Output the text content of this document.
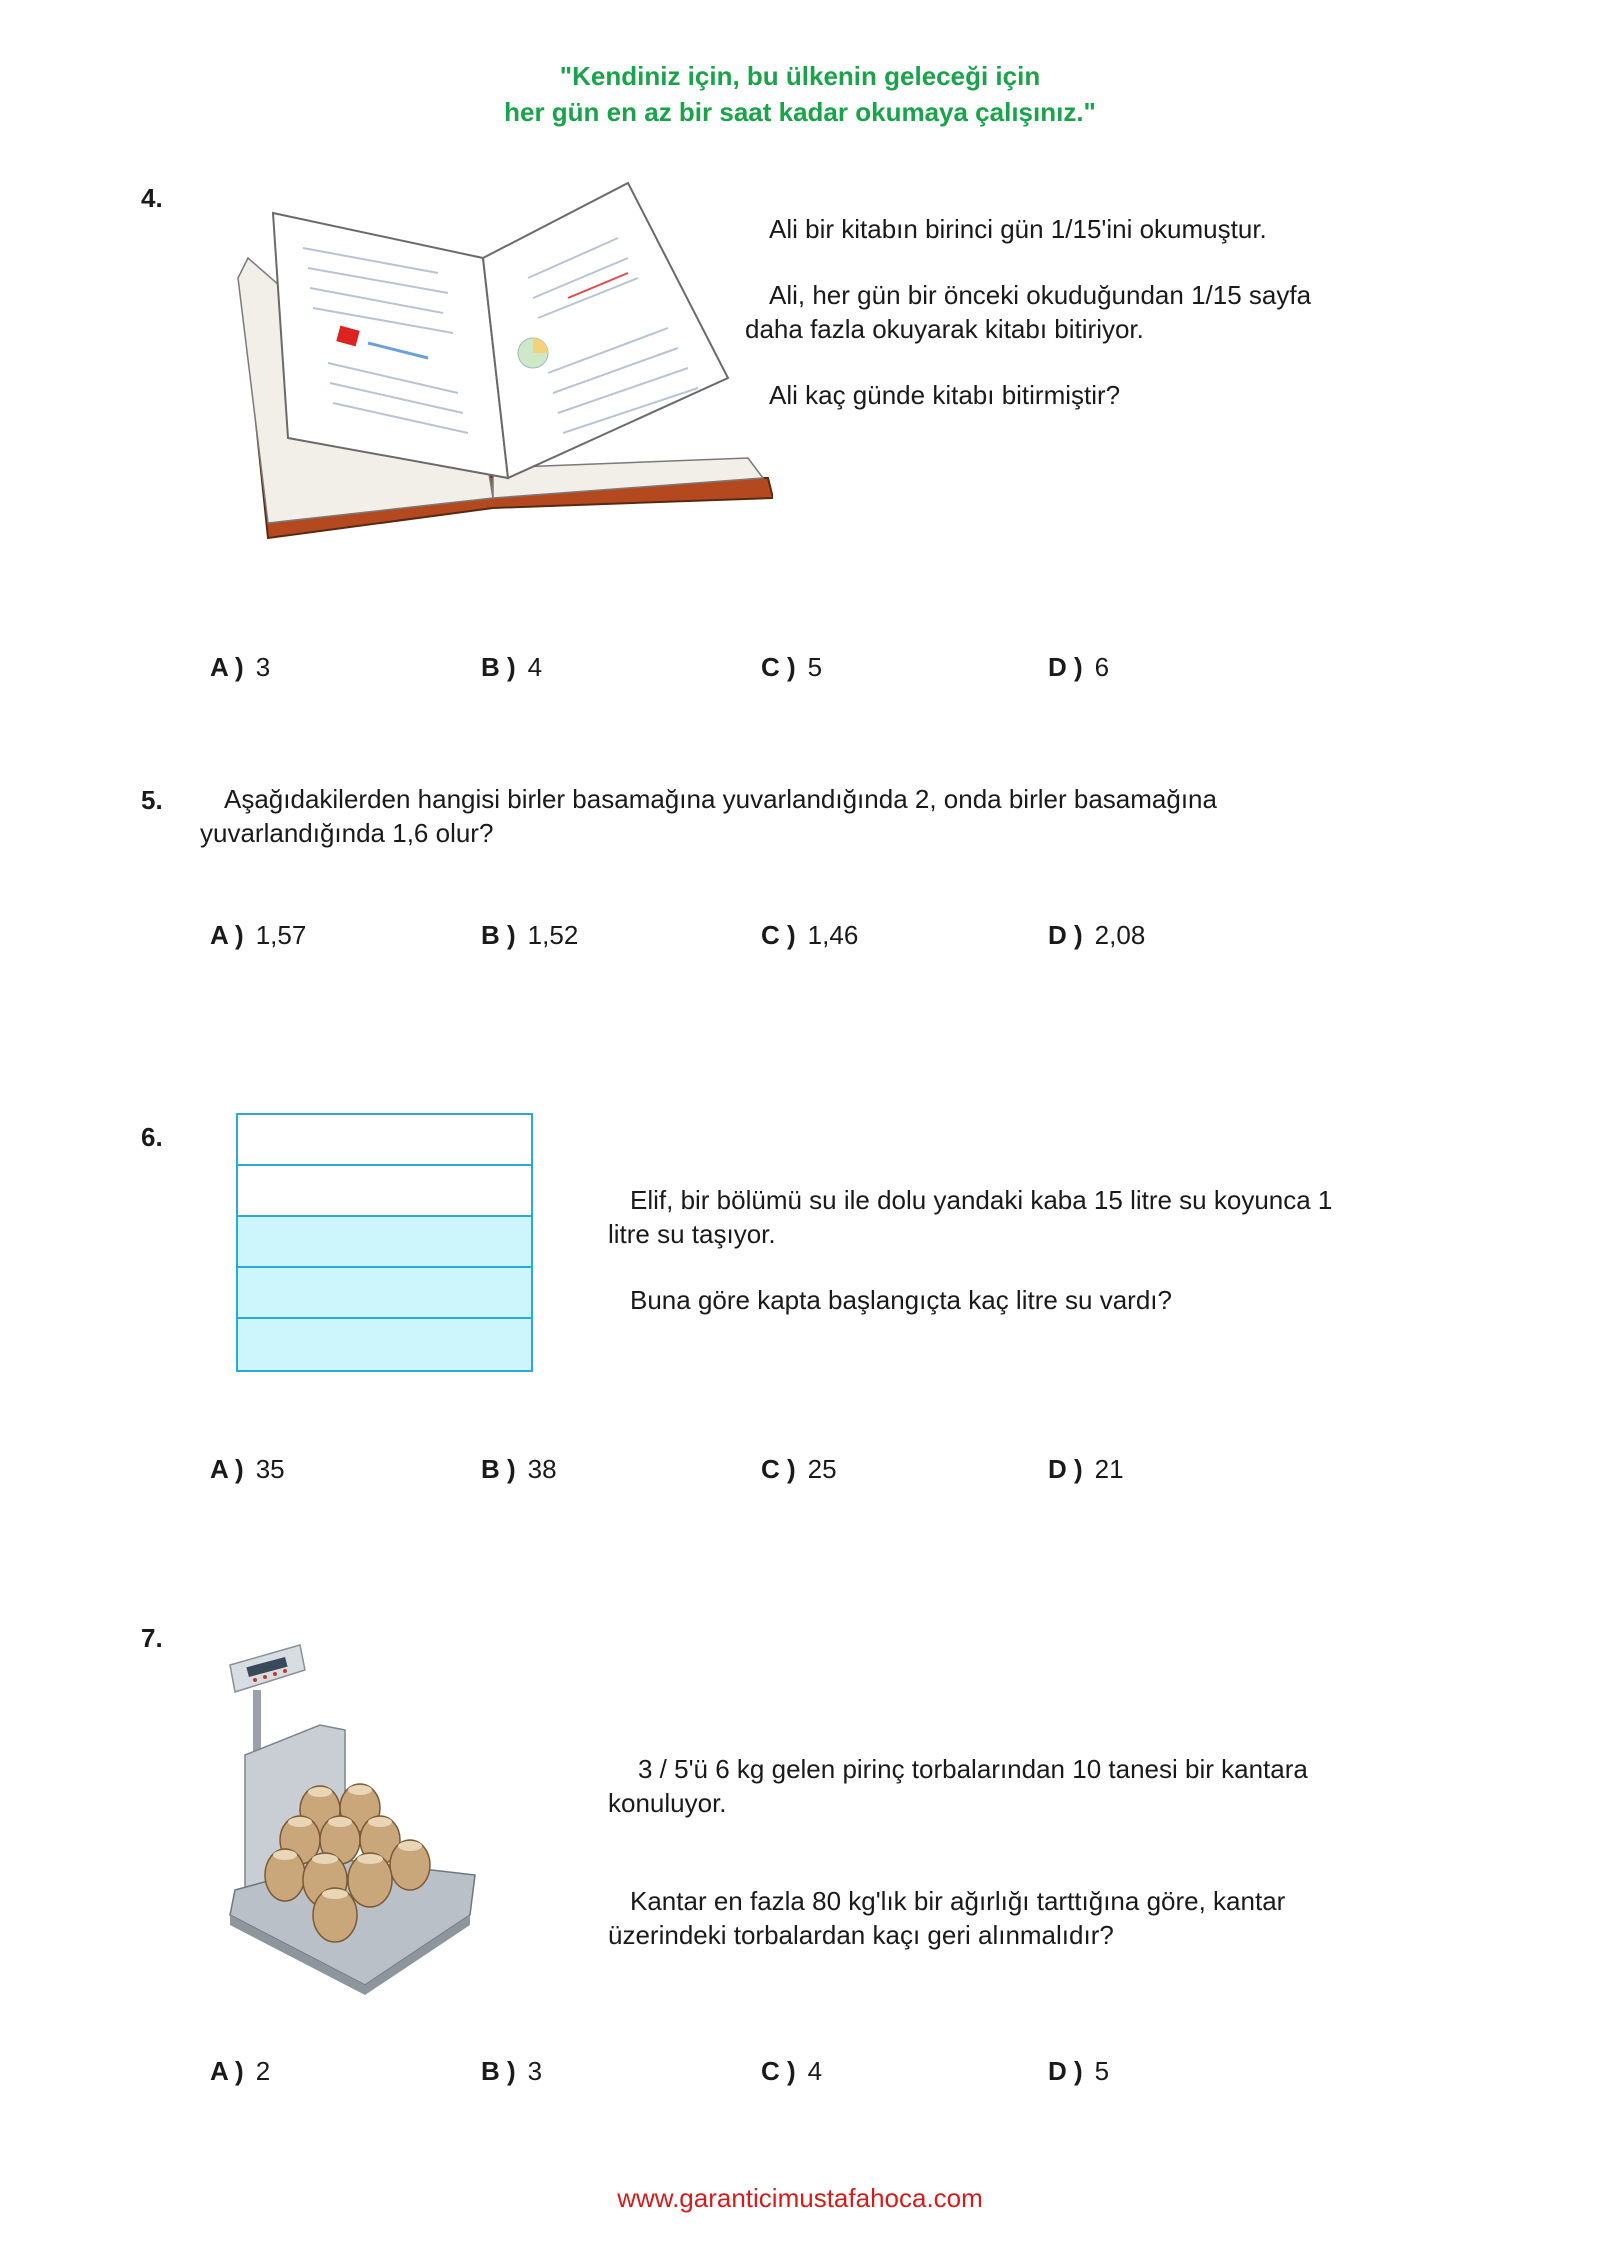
"Kendiniz için, bu ülkenin geleceği için
her gün en az bir saat kadar okumaya çalışınız."
4.

Ali bir kitabın birinci gün 1/15'ini okumuştur.

Ali, her gün bir önceki okuduğundan 1/15 sayfa daha fazla okuyarak kitabı bitiriyor.

Ali kaç günde kitabı bitirmiştir?

A ) 3	B ) 4	C ) 5	D ) 6
5.	Aşağıdakilerden hangisi birler basamağına yuvarlandığında 2, onda birler basamağına yuvarlandığında 1,6 olur?

A ) 1,57	B ) 1,52	C ) 1,46	D ) 2,08
6.

Elif, bir bölümü su ile dolu yandaki kaba 15 litre su koyunca 1 litre su taşıyor.

Buna göre kapta başlangıçta kaç litre su vardı?

A ) 35	B ) 38	C ) 25	D ) 21
7.

3 / 5'ü 6 kg gelen pirinç torbalarından 10 tanesi bir kantara konuluyor.

Kantar en fazla 80 kg'lık bir ağırlığı tarttığına göre, kantar üzerindeki torbalardan kaçı geri alınmalıdır?

A ) 2	B ) 3	C ) 4	D ) 5
www.garanticimustafahoca.com
